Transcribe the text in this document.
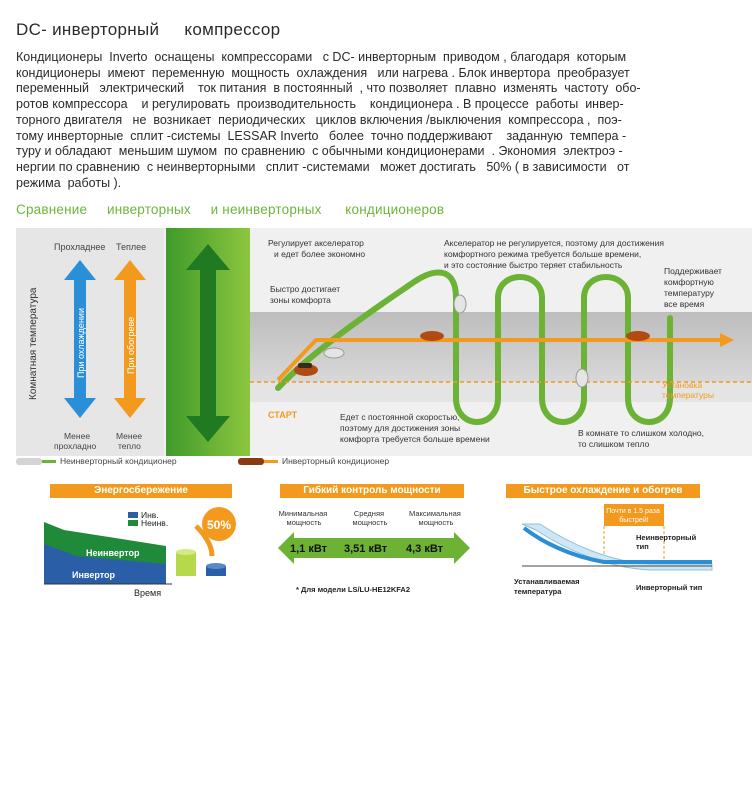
DC- инверторный     компрессор
Кондиционеры  Inverto  оснащены  компрессорами   с DC- инверторным  приводом , благодаря  которым
кондиционеры  имеют  переменную  мощность  охлаждения   или нагрева . Блок инвертора  преобразует
переменный   электрический    ток питания  в постоянный  , что позволяет  плавно  изменять  частоту  обо-
ротов компрессора    и регулировать  производительность    кондиционера . В процессе  работы  инвер-
торного двигателя   не  возникает  периодических   циклов включения /выключения  компрессора ,  поэ-
тому инверторные  сплит -системы  LESSAR Inverto   более  точно поддерживают    заданную  темпера -
туру и обладают  меньшим шумом  по сравнению  с обычными кондиционерами  . Экономия  электроэ -
нергии по сравнению  с неинверторными   сплит -системами   может достигать   50% ( в зависимости   от
режима  работы ).
Сравнение     инверторных     и неинверторных      кондиционеров
Комнатная температура
Прохладнее Теплее
При охлаждении	При обогреве
Менее прохладно
Менее тепло
Регулирует акселератор и едет более экономно
Быстро достигает зоны комфорта
Акселератор не регулируется, поэтому для достижения комфортного режима требуется больше времени, и это состояние быстро теряет стабильность
Поддерживает комфортную температуру все время
СТАРТ	Едет с постоянной скоростью, поэтому для достижения зоны комфорта требуется больше времени
Установка температуры
В комнате то слишком холодно, то слишком тепло
Неинверторный кондиционер	Инверторный кондиционер
Энергосбережение
Инв.
Неинв.
Неинвертор
Инвертор
Время
50%
Гибкий контроль мощности
Минимальная мощность
Средняя мощность
Максимальная мощность
1,1 кВт 3,51 кВт 4,3 кВт
* Для модели LS/LU-HE12KFA2
Быстрое охлаждение и обогрев
Почти в 1.5 раза быстрей!
Неинверторный тип
Устанавливаемая температура	Инверторный тип
